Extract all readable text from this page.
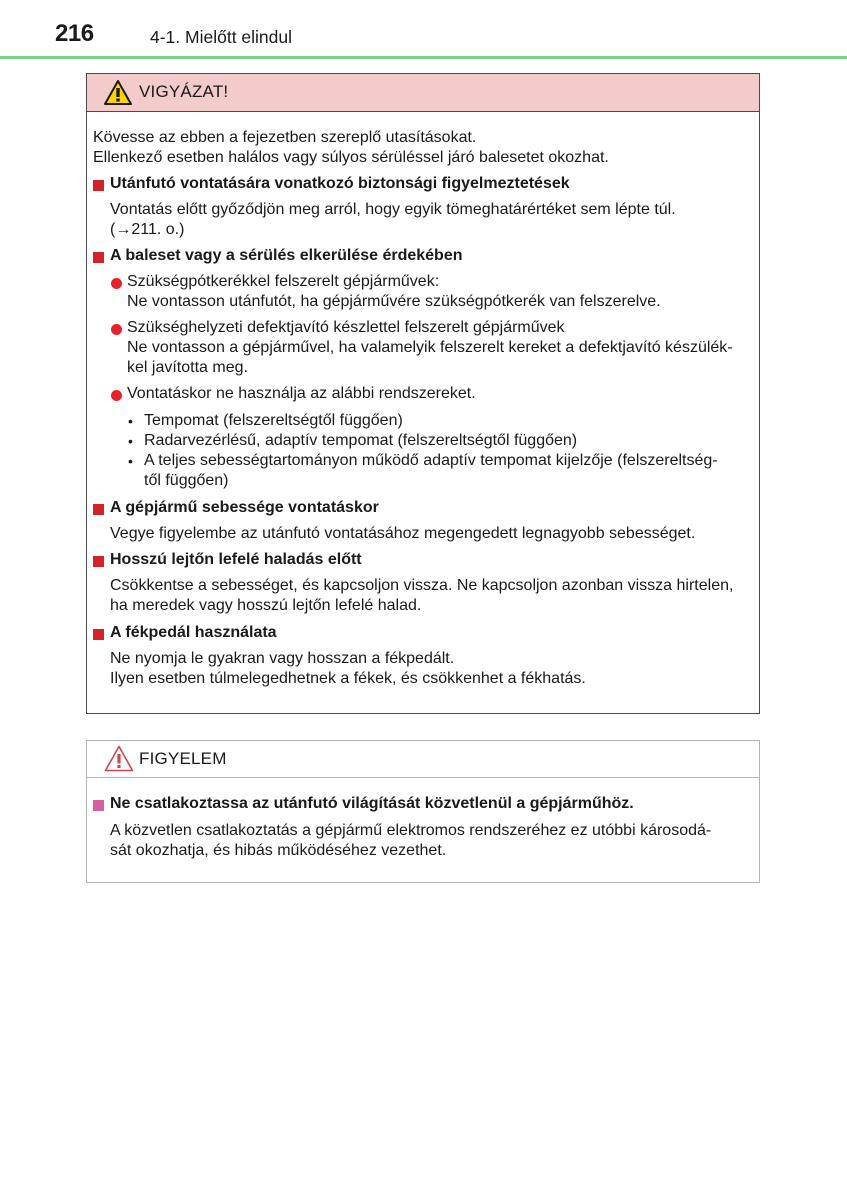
216	4-1. Mielőtt elindul
VIGYÁZAT!
Kövesse az ebben a fejezetben szereplő utasításokat.
Ellenkező esetben halálos vagy súlyos sérüléssel járó balesetet okozhat.
Utánfutó vontatására vonatkozó biztonsági figyelmeztetések
Vontatás előtt győződjön meg arról, hogy egyik tömeghatárértéket sem lépte túl.
(→211. o.)
A baleset vagy a sérülés elkerülése érdekében
Szükségpótkerékkel felszerelt gépjárművek:
Ne vontasson utánfutót, ha gépjárművére szükségpótkerék van felszerelve.
Szükséghelyzeti defektjavító készlettel felszerelt gépjárművek
Ne vontasson a gépjárművel, ha valamelyik felszerelt kereket a defektjavító készülék-
kel javította meg.
Vontatáskor ne használja az alábbi rendszereket.
• Tempomat (felszereltségtől függően)
• Radarvezérlésű, adaptív tempomat (felszereltségtől függően)
• A teljes sebességtartományon működő adaptív tempomat kijelzője (felszereltség-
től függően)
A gépjármű sebessége vontatáskor
Vegye figyelembe az utánfutó vontatásához megengedett legnagyobb sebességet.
Hosszú lejtőn lefelé haladás előtt
Csökkentse a sebességet, és kapcsoljon vissza. Ne kapcsoljon azonban vissza hirtelen,
ha meredek vagy hosszú lejtőn lefelé halad.
A fékpedál használata
Ne nyomja le gyakran vagy hosszan a fékpedált.
Ilyen esetben túlmelegedhetnek a fékek, és csökkenhet a fékhatás.
FIGYELEM
Ne csatlakoztassa az utánfutó világítását közvetlenül a gépjárműhöz.
A közvetlen csatlakoztatás a gépjármű elektromos rendszeréhez ez utóbbi károsodá-
sát okozhatja, és hibás működéséhez vezethet.
